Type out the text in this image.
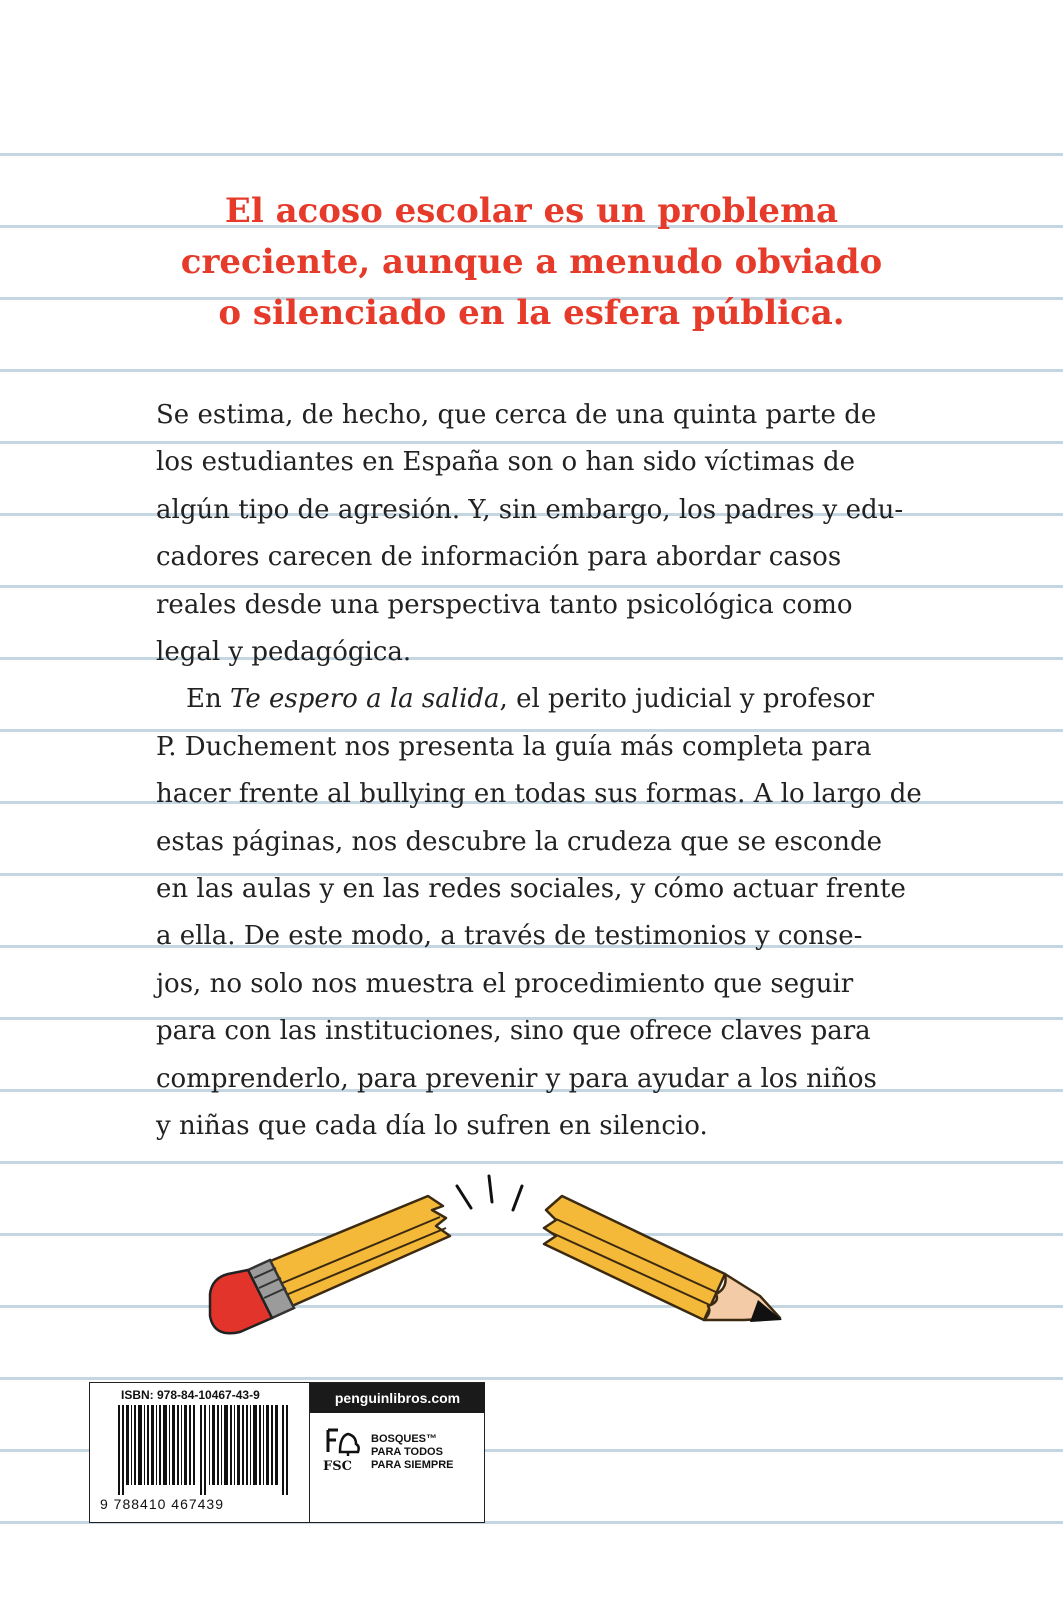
El acoso escolar es un problema
creciente, aunque a menudo obviado
o silenciado en la esfera pública.
Se estima, de hecho, que cerca de una quinta parte de
los estudiantes en España son o han sido víctimas de
algún tipo de agresión. Y, sin embargo, los padres y edu-
cadores carecen de información para abordar casos
reales desde una perspectiva tanto psicológica como
legal y pedagógica.
En Te espero a la salida, el perito judicial y profesor
P. Duchement nos presenta la guía más completa para
hacer frente al bullying en todas sus formas. A lo largo de
estas páginas, nos descubre la crudeza que se esconde
en las aulas y en las redes sociales, y cómo actuar frente
a ella. De este modo, a través de testimonios y conse-
jos, no solo nos muestra el procedimiento que seguir
para con las instituciones, sino que ofrece claves para
comprenderlo, para prevenir y para ayudar a los niños
y niñas que cada día lo sufren en silencio.
ISBN: 978-84-10467-43-9
9 788410 467439
penguinlibros.com
FSC
BOSQUES™
PARA TODOS
PARA SIEMPRE
